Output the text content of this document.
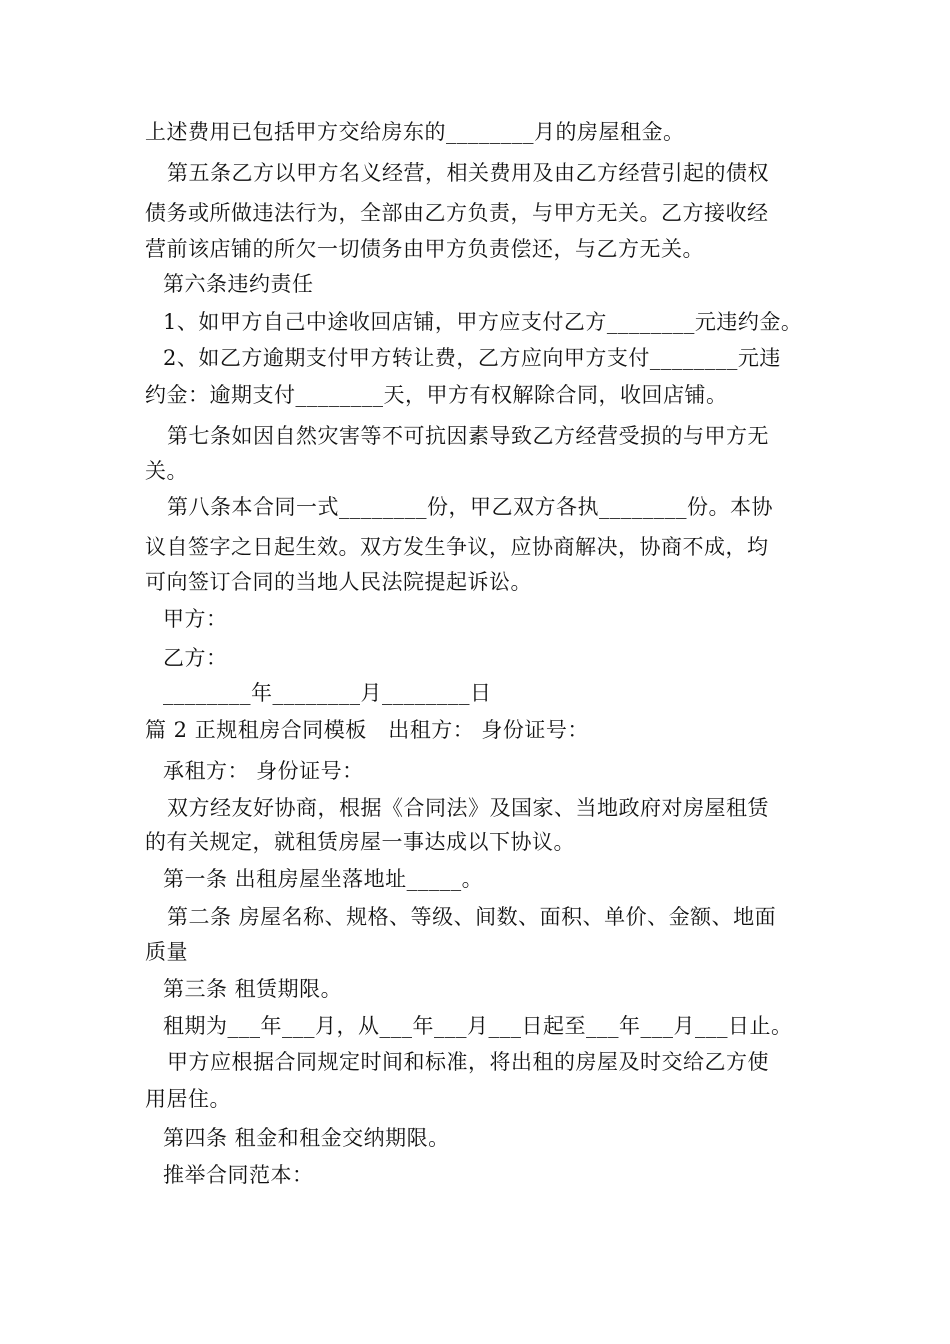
上述费用已包括甲方交给房东的________月的房屋租金。
第五条乙方以甲方名义经营，相关费用及由乙方经营引起的债权
债务或所做违法行为，全部由乙方负责，与甲方无关。乙方接收经
营前该店铺的所欠一切债务由甲方负责偿还，与乙方无关。
第六条违约责任
1、如甲方自己中途收回店铺，甲方应支付乙方________元违约金。
2、如乙方逾期支付甲方转让费，乙方应向甲方支付________元违
约金：逾期支付________天，甲方有权解除合同，收回店铺。
第七条如因自然灾害等不可抗因素导致乙方经营受损的与甲方无
关。
第八条本合同一式________份，甲乙双方各执________份。本协
议自签字之日起生效。双方发生争议，应协商解决，协商不成，均
可向签订合同的当地人民法院提起诉讼。
甲方：
乙方：
________年________月________日
篇 2 正规租房合同模板　出租方： 身份证号：
承租方： 身份证号：
双方经友好协商，根据《合同法》及国家、当地政府对房屋租赁
的有关规定，就租赁房屋一事达成以下协议。
第一条 出租房屋坐落地址_____。
第二条 房屋名称、规格、等级、间数、面积、单价、金额、地面
质量
第三条 租赁期限。
租期为___年___月，从___年___月___日起至___年___月___日止。
甲方应根据合同规定时间和标准，将出租的房屋及时交给乙方使
用居住。
第四条 租金和租金交纳期限。
推举合同范本：
